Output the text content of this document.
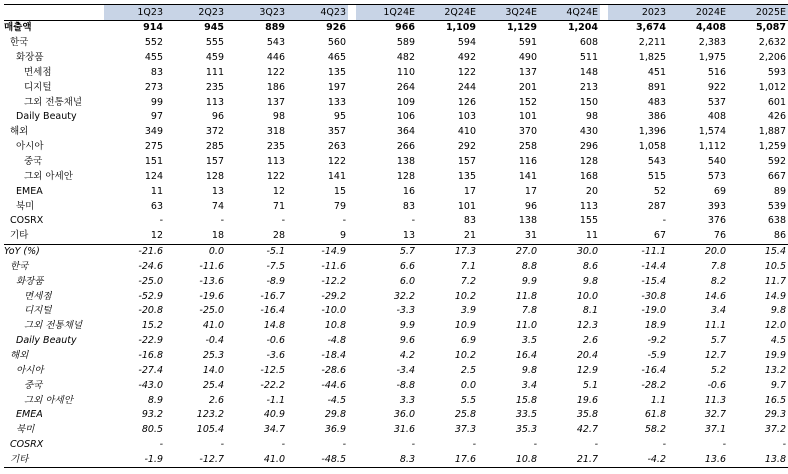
	1Q23	2Q23	3Q23	4Q23		1Q24E	2Q24E	3Q24E	4Q24E		2023	2024E	2025E
매출액	914	945	889	926		966	1,109	1,129	1,204		3,674	4,408	5,087
한국	552	555	543	560		589	594	591	608		2,211	2,383	2,632
화장품	455	459	446	465		482	492	490	511		1,825	1,975	2,206
면세점	83	111	122	135		110	122	137	148		451	516	593
디지털	273	235	186	197		264	244	201	213		891	922	1,012
그외 전통채널	99	113	137	133		109	126	152	150		483	537	601
Daily Beauty	97	96	98	95		106	103	101	98		386	408	426
해외	349	372	318	357		364	410	370	430		1,396	1,574	1,887
아시아	275	285	235	263		266	292	258	296		1,058	1,112	1,259
중국	151	157	113	122		138	157	116	128		543	540	592
그외 아세안	124	128	122	141		128	135	141	168		515	573	667
EMEA	11	13	12	15		16	17	17	20		52	69	89
북미	63	74	71	79		83	101	96	113		287	393	539
COSRX	-	-	-	-		-	83	138	155		-	376	638
기타	12	18	28	9		13	21	31	11		67	76	86
YoY (%)	-21.6	0.0	-5.1	-14.9		5.7	17.3	27.0	30.0		-11.1	20.0	15.4
한국	-24.6	-11.6	-7.5	-11.6		6.6	7.1	8.8	8.6		-14.4	7.8	10.5
화장품	-25.0	-13.6	-8.9	-12.2		6.0	7.2	9.9	9.8		-15.4	8.2	11.7
면세점	-52.9	-19.6	-16.7	-29.2		32.2	10.2	11.8	10.0		-30.8	14.6	14.9
디지털	-20.8	-25.0	-16.4	-10.0		-3.3	3.9	7.8	8.1		-19.0	3.4	9.8
그외 전통채널	15.2	41.0	14.8	10.8		9.9	10.9	11.0	12.3		18.9	11.1	12.0
Daily Beauty	-22.9	-0.4	-0.6	-4.8		9.6	6.9	3.5	2.6		-9.2	5.7	4.5
해외	-16.8	25.3	-3.6	-18.4		4.2	10.2	16.4	20.4		-5.9	12.7	19.9
아시아	-27.4	14.0	-12.5	-28.6		-3.4	2.5	9.8	12.9		-16.4	5.2	13.2
중국	-43.0	25.4	-22.2	-44.6		-8.8	0.0	3.4	5.1		-28.2	-0.6	9.7
그외 아세안	8.9	2.6	-1.1	-4.5		3.3	5.5	15.8	19.6		1.1	11.3	16.5
EMEA	93.2	123.2	40.9	29.8		36.0	25.8	33.5	35.8		61.8	32.7	29.3
북미	80.5	105.4	34.7	36.9		31.6	37.3	35.3	42.7		58.2	37.1	37.2
COSRX	-	-	-	-		-	-	-	-		-	-	-
기타	-1.9	-12.7	41.0	-48.5		8.3	17.6	10.8	21.7		-4.2	13.6	13.8
